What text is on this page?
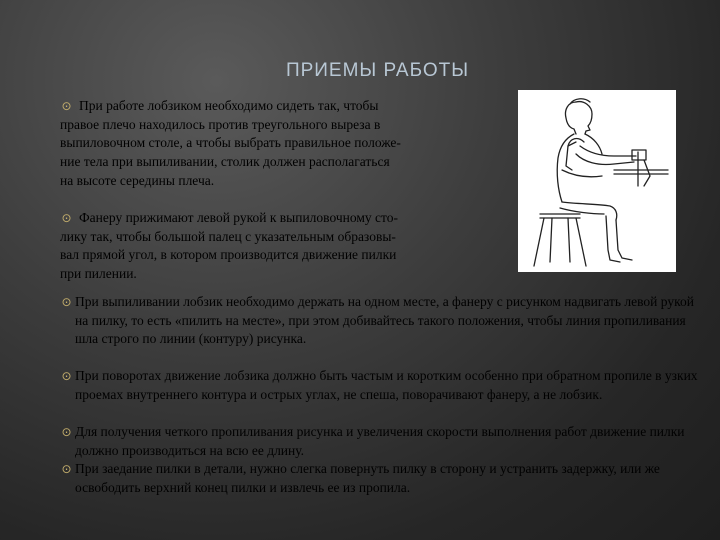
ПРИЕМЫ РАБОТЫ
⊙ При работе лобзиком необходимо сидеть так, чтобы
правое плечо находилось против треугольного выреза в
выпиловочном столе, а чтобы выбрать правильное положе-
ние тела при выпиливании, столик должен располагаться
на высоте середины плеча.
⊙ Фанеру прижимают левой рукой к выпиловочному сто-
лику так, чтобы большой палец с указательным образовы-
вал прямой угол, в котором производится движение пилки
при пилении.
⊙ При выпиливании лобзик необходимо держать на одном месте, а фанеру с рисунком надвигать левой рукой на пилку, то есть «пилить на месте», при этом добивайтесь такого положения, чтобы линия пропиливания шла строго по линии (контуру) рисунка.
⊙ При поворотах движение лобзика должно быть частым и коротким особенно при обратном пропиле в узких проемах внутреннего контура и острых углах, не спеша, поворачивают фанеру, а не лобзик.
⊙ Для получения четкого пропиливания рисунка и увеличения скорости выполнения работ движение пилки должно производиться на всю ее длину.
⊙ При заедание пилки в детали, нужно слегка повернуть пилку в сторону и устранить задержку, или же освободить верхний конец пилки и извлечь ее из пропила.
